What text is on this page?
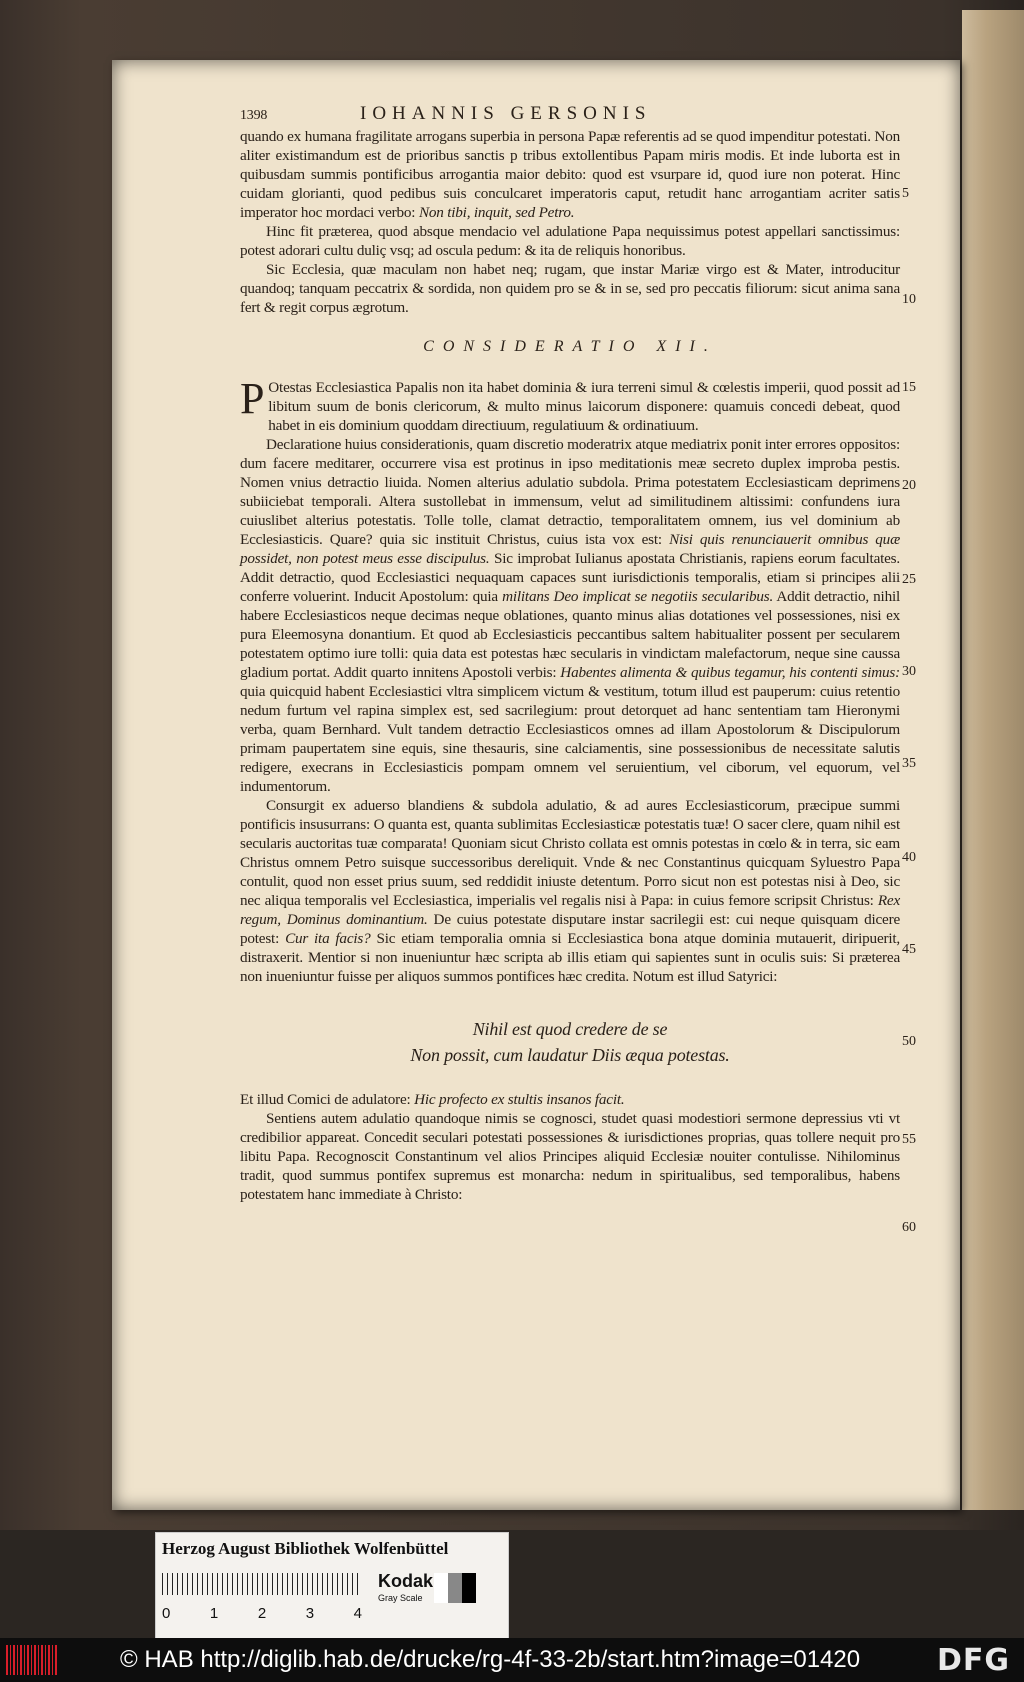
1398	IOHANNIS GERSONIS

quando ex humana fragilitate arrogans superbia in persona Papæ referentis ad se quod impenditur potestati. Non aliter existimandum est de prioribus sanctis p tribus extollentibus Papam miris modis. Et inde luborta est in quibusdam summis pontificibus arrogantia maior debito: quod est vsurpare id, quod iure non poterat. Hinc cuidam glorianti, quod pedibus suis conculcaret imperatoris caput, retudit hanc arrogantiam acriter satis imperator hoc mordaci verbo: Non tibi, inquit, sed Petro.

Hinc fit præterea, quod absque mendacio vel adulatione Papa nequissimus potest appellari sanctissimus: potest adorari cultu duliç vsq; ad oscula pedum: & ita de reliquis honoribus.

Sic Ecclesia, quæ maculam non habet neq; rugam, que instar Mariæ virgo est & Mater, introducitur quandoq; tanquam peccatrix & sordida, non quidem pro se & in se, sed pro peccatis filiorum: sicut anima sana fert & regit corpus ægrotum.

CONSIDERATIO XII.

P Otestas Ecclesiastica Papalis non ita habet dominia & iura terreni simul & cœlestis imperii, quod possit ad libitum suum de bonis clericorum, & multo minus laicorum disponere: quamuis concedi debeat, quod habet in eis dominium quoddam directiuum, regulatiuum & ordinatiuum.

Declaratione huius considerationis, quam discretio moderatrix atque mediatrix ponit inter errores oppositos: dum facere meditarer, occurrere visa est protinus in ipso meditationis meæ secreto duplex improba pestis. Nomen vnius detractio liuida. Nomen alterius adulatio subdola. Prima potestatem Ecclesiasticam deprimens subiiciebat temporali. Altera sustollebat in immensum, velut ad similitudinem altissimi: confundens iura cuiuslibet alterius potestatis. Tolle tolle, clamat detractio, temporalitatem omnem, ius vel dominium ab Ecclesiasticis. Quare? quia sic instituit Christus, cuius ista vox est: Nisi quis renunciauerit omnibus quæ possidet, non potest meus esse discipulus. Sic improbat Iulianus apostata Christianis, rapiens eorum facultates. Addit detractio, quod Ecclesiastici nequaquam capaces sunt iurisdictionis temporalis, etiam si principes alii conferre voluerint. Inducit Apostolum: quia militans Deo implicat se negotiis secularibus. Addit detractio, nihil habere Ecclesiasticos neque decimas neque oblationes, quanto minus alias dotationes vel possessiones, nisi ex pura Eleemosyna donantium. Et quod ab Ecclesiasticis peccantibus saltem habitualiter possent per secularem potestatem optimo iure tolli: quia data est potestas hæc secularis in vindictam malefactorum, neque sine caussa gladium portat. Addit quarto innitens Apostoli verbis: Habentes alimenta & quibus tegamur, his contenti simus: quia quicquid habent Ecclesiastici vltra simplicem victum & vestitum, totum illud est pauperum: cuius retentio nedum furtum vel rapina simplex est, sed sacrilegium: prout detorquet ad hanc sententiam tam Hieronymi verba, quam Bernhard. Vult tandem detractio Ecclesiasticos omnes ad illam Apostolorum & Discipulorum primam paupertatem sine equis, sine thesauris, sine calciamentis, sine possessionibus de necessitate salutis redigere, execrans in Ecclesiasticis pompam omnem vel seruientium, vel ciborum, vel equorum, vel indumentorum.

Consurgit ex aduerso blandiens & subdola adulatio, & ad aures Ecclesiasticorum, præcipue summi pontificis insusurrans: O quanta est, quanta sublimitas Ecclesiasticæ potestatis tuæ! O sacer clere, quam nihil est secularis auctoritas tuæ comparata! Quoniam sicut Christo collata est omnis potestas in cœlo & in terra, sic eam Christus omnem Petro suisque successoribus dereliquit. Vnde & nec Constantinus quicquam Syluestro Papa contulit, quod non esset prius suum, sed reddidit iniuste detentum. Porro sicut non est potestas nisi à Deo, sic nec aliqua temporalis vel Ecclesiastica, imperialis vel regalis nisi à Papa: in cuius femore scripsit Christus: Rex regum, Dominus dominantium. De cuius potestate disputare instar sacrilegii est: cui neque quisquam dicere potest: Cur ita facis? Sic etiam temporalia omnia si Ecclesiastica bona atque dominia mutauerit, diripuerit, distraxerit. Mentior si non inueniuntur hæc scripta ab illis etiam qui sapientes sunt in oculis suis: Si præterea non inueniuntur fuisse per aliquos summos pontifices hæc credita. Notum est illud Satyrici:

Nihil est quod credere de se
Non possit, cum laudatur Diis æqua potestas.

Et illud Comici de adulatore: Hic profecto ex stultis insanos facit.

Sentiens autem adulatio quandoque nimis se cognosci, studet quasi modestiori sermone depressius vti vt credibilior appareat. Concedit seculari potestati possessiones & iurisdictiones proprias, quas tollere nequit pro libitu Papa. Recognoscit Constantinum vel alios Principes aliquid Ecclesiæ nouiter contulisse. Nihilominus tradit, quod summus pontifex supremus est monarcha: nedum in spiritualibus, sed temporalibus, habens potestatem hanc immediate à Christo:

5
10
15
20
25
30
35
40
45
50
55
60
Herzog August Bibliothek Wolfenbüttel
0	1	2	3	4
Kodak
Gray Scale
© HAB http://diglib.hab.de/drucke/rg-4f-33-2b/start.htm?image=01420	DFG
